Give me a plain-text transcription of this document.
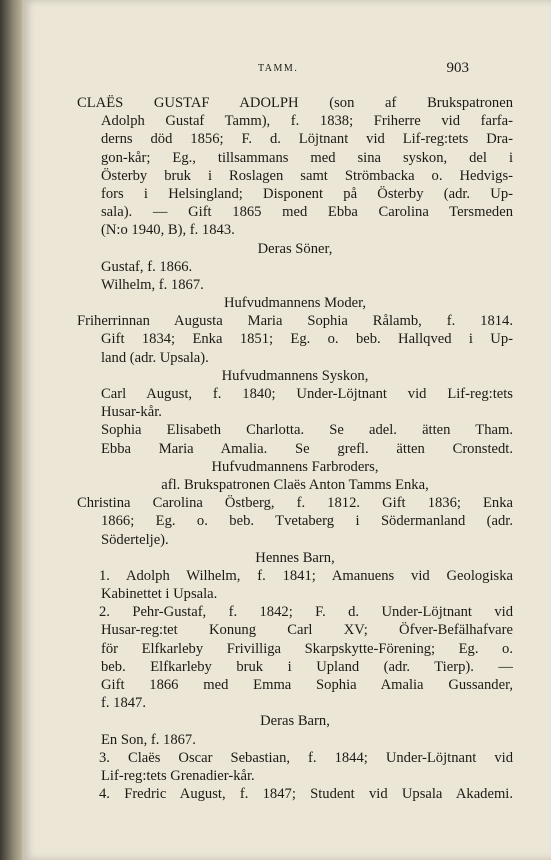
TAMM.	903
CLAËS GUSTAF ADOLPH (son af Brukspatronen
Adolph Gustaf Tamm), f. 1838; Friherre vid farfa-
derns död 1856; F. d. Löjtnant vid Lif-reg:tets Dra-
gon-kår; Eg., tillsammans med sina syskon, del i
Österby bruk i Roslagen samt Strömbacka o. Hedvigs-
fors i Helsingland; Disponent på Österby (adr. Up-
sala). — Gift 1865 med Ebba Carolina Tersmeden
(N:o 1940, B), f. 1843.
Deras Söner,
Gustaf, f. 1866.
Wilhelm, f. 1867.
Hufvudmannens Moder,
Friherrinnan Augusta Maria Sophia Rålamb, f. 1814.
Gift 1834; Enka 1851; Eg. o. beb. Hallqved i Up-
land (adr. Upsala).
Hufvudmannens Syskon,
Carl August, f. 1840; Under-Löjtnant vid Lif-reg:tets
Husar-kår.
Sophia Elisabeth Charlotta. Se adel. ätten Tham.
Ebba Maria Amalia. Se grefl. ätten Cronstedt.
Hufvudmannens Farbroders,
afl. Brukspatronen Claës Anton Tamms Enka,
Christina Carolina Östberg, f. 1812. Gift 1836; Enka
1866; Eg. o. beb. Tvetaberg i Södermanland (adr.
Södertelje).
Hennes Barn,
1. Adolph Wilhelm, f. 1841; Amanuens vid Geologiska
Kabinettet i Upsala.
2. Pehr-Gustaf, f. 1842; F. d. Under-Löjtnant vid
Husar-reg:tet Konung Carl XV; Öfver-Befälhafvare
för Elfkarleby Frivilliga Skarpskytte-Förening; Eg. o.
beb. Elfkarleby bruk i Upland (adr. Tierp). —
Gift 1866 med Emma Sophia Amalia Gussander,
f. 1847.
Deras Barn,
En Son, f. 1867.
3. Claës Oscar Sebastian, f. 1844; Under-Löjtnant vid
Lif-reg:tets Grenadier-kår.
4. Fredric August, f. 1847; Student vid Upsala Akademi.
